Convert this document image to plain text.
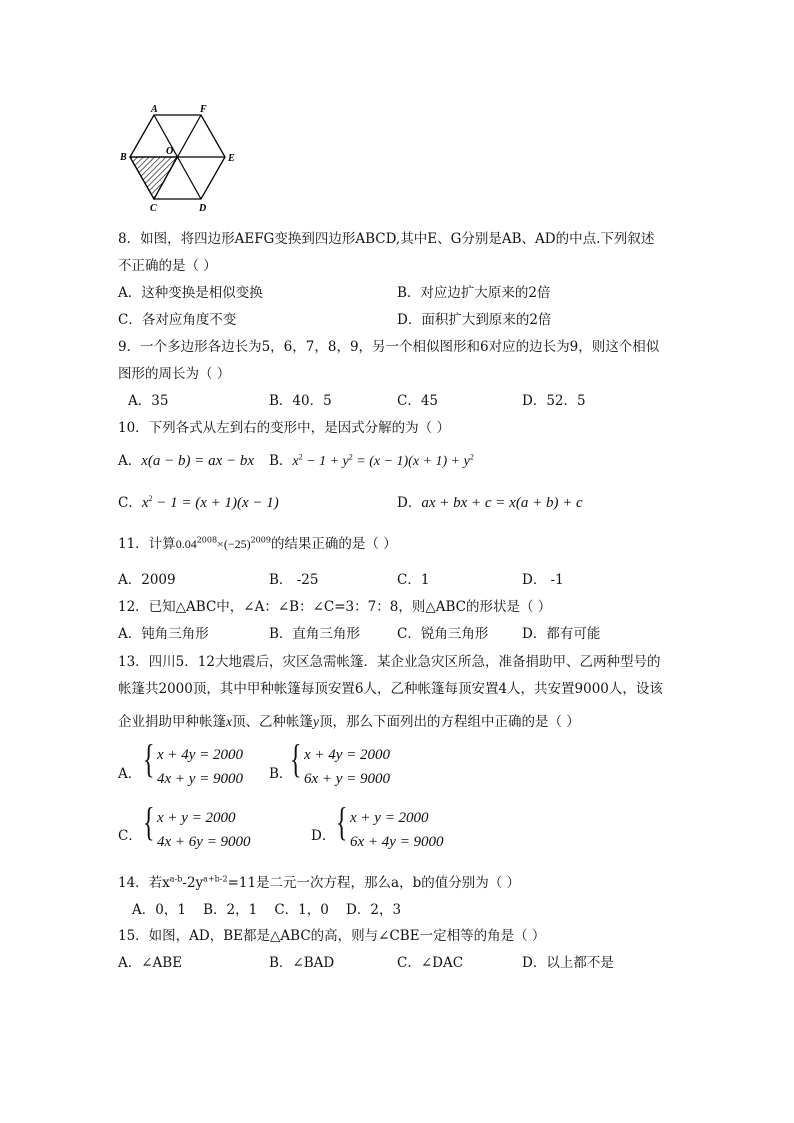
A	F
B
O
E
C	D
8．如图，将四边形AEFG变换到四边形ABCD,其中E、G分别是AB、AD的中点.下列叙述
不正确的是（ ）
A．这种变换是相似变换	B．对应边扩大原来的2倍
C．各对应角度不变	D．面积扩大到原来的2倍
9．一个多边形各边长为5，6，7，8，9，另一个相似图形和6对应的边长为9，则这个相似
图形的周长为（ ）
A．35	B．40．5	C．45	D．52．5
10．下列各式从左到右的变形中，是因式分解的为（ ）
A．x(a − b) = ax − bx B．$x^2 - 1 + y^2 = (x - 1)(x + 1) + y^2$
C．$x^2 - 1 = (x + 1)(x - 1)$	D．ax + bx + c = x(a + b) + c
11．计算$0.04^{2008}\times(-25)^{2009}$的结果正确的是（ ）
A．2009	B． -25	C．1	D． -1
12．已知△ABC中，∠A：∠B：∠C=3：7：8，则△ABC的形状是（ ）
A．钝角三角形	B．直角三角形	C．锐角三角形 D．都有可能
13．四川5．12大地震后，灾区急需帐篷．某企业急灾区所急，准备捐助甲、乙两种型号的
帐篷共2000顶，其中甲种帐篷每顶安置6人，乙种帐篷每顶安置4人，共安置9000人，设该
企业捐助甲种帐篷x顶、乙种帐篷y顶，那么下面列出的方程组中正确的是（ ）
A． { x + 4y = 2000
4x + y = 9000 B．
{ x + 4y = 2000
6x + y = 9000
C． { x + y = 2000
4x + 6y = 9000	D． { x + y = 2000
6x + 4y = 9000
14．若$x^{a-b}-2y^{a+b-2}=11$是二元一次方程，那么a，b的值分别为（ ）
A．0，1    B．2，1    C．1，0    D．2，3
15．如图，AD，BE都是△ABC的高，则与∠CBE一定相等的角是（ ）
A．∠ABE	B．∠BAD	C．∠DAC	D．以上都不是
